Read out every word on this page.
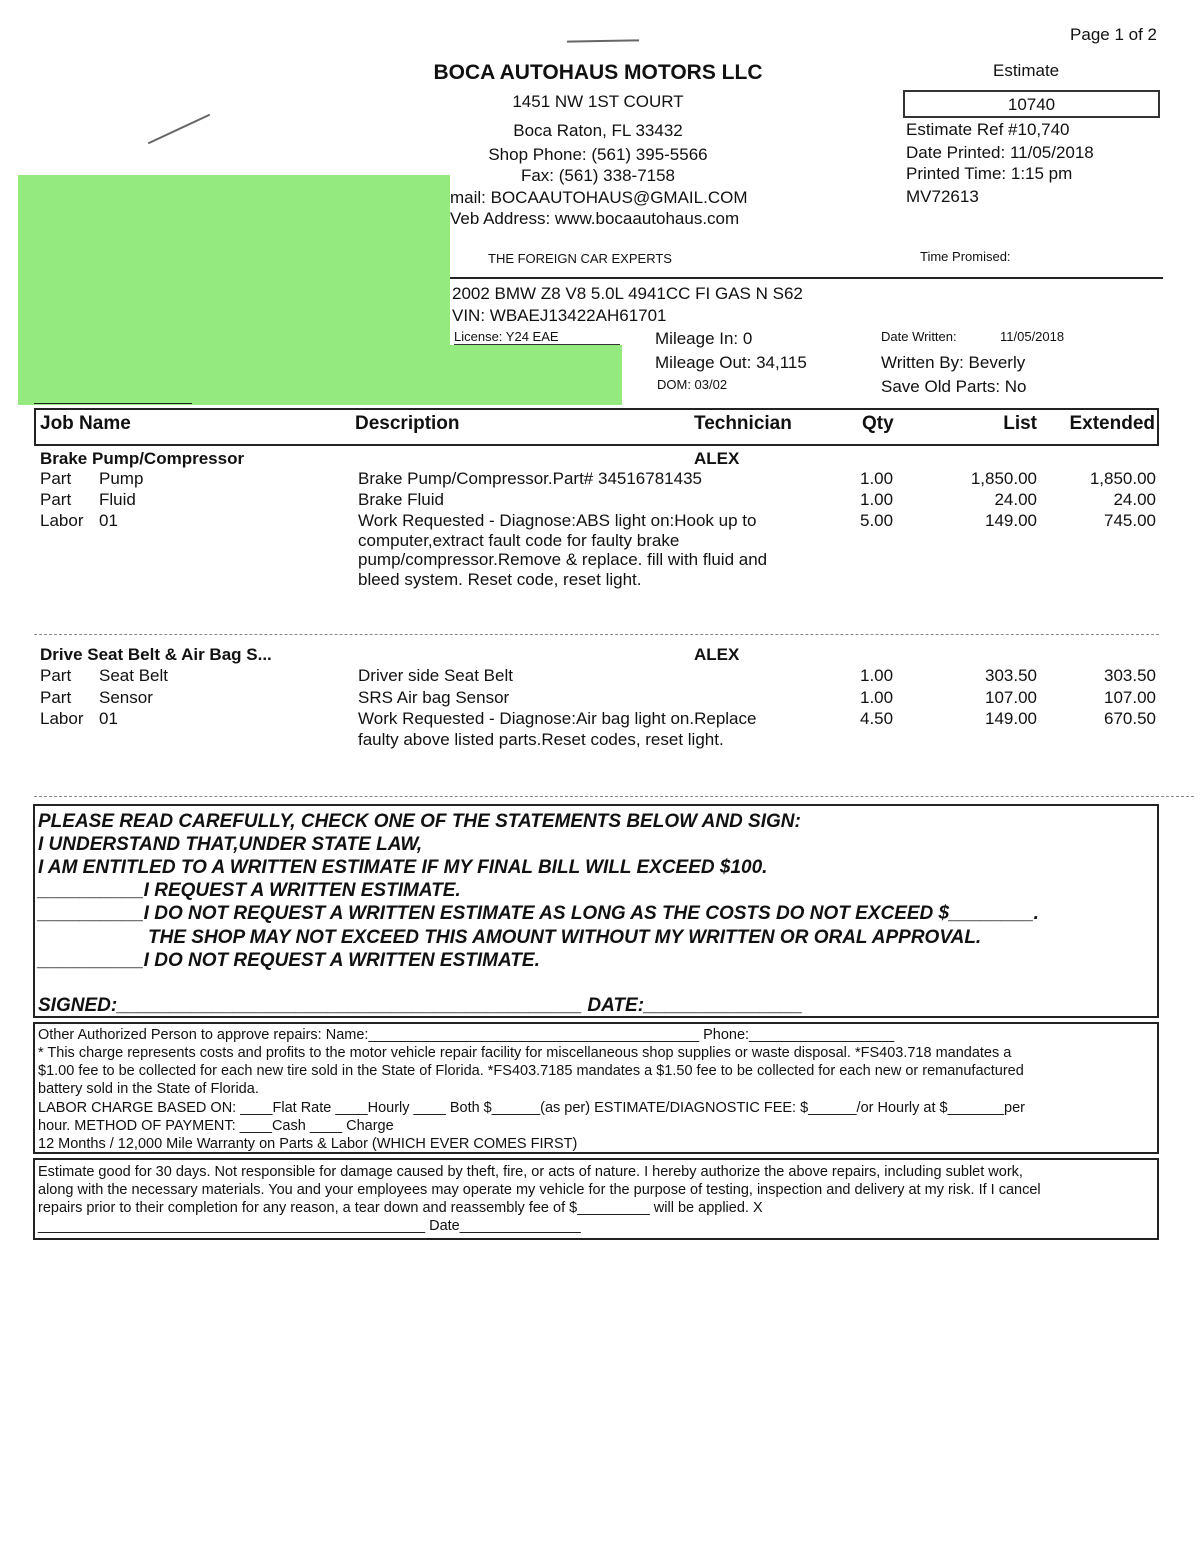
Page 1 of 2
BOCA AUTOHAUS MOTORS LLC
1451 NW 1ST COURT
Boca Raton, FL 33432
Shop Phone: (561) 395-5566
Fax: (561) 338-7158
mail: BOCAAUTOHAUS@GMAIL.COM
Veb Address: www.bocaautohaus.com
THE FOREIGN CAR EXPERTS
Estimate
10740
Estimate Ref #10,740
Date Printed: 11/05/2018
Printed Time: 1:15 pm
MV72613
Time Promised:
2002 BMW Z8 V8 5.0L 4941CC FI GAS N S62
VIN: WBAEJ13422AH61701
License: Y24 EAE	Mileage In: 0
Mileage Out: 34,115
DOM: 03/02
Date Written:	11/05/2018
Written By: Beverly
Save Old Parts: No
Job Name	Description	Technician	Qty	List	Extended
Brake Pump/Compressor	ALEX
Part Pump	Brake Pump/Compressor.Part# 34516781435	1.00	1,850.00	1,850.00
Part Fluid	Brake Fluid	1.00	24.00	24.00
Labor 01	Work Requested - Diagnose:ABS light on:Hook up to
computer,extract fault code for faulty brake
pump/compressor.Remove & replace. fill with fluid and
bleed system. Reset code, reset light.
5.00	149.00	745.00
Drive Seat Belt & Air Bag S...	ALEX
Part Seat Belt	Driver side Seat Belt	1.00	303.50	303.50
Part Sensor	SRS Air bag Sensor	1.00	107.00	107.00
Labor 01	Work Requested - Diagnose:Air bag light on.Replace
faulty above listed parts.Reset codes, reset light.
4.50	149.00	670.50
PLEASE READ CAREFULLY, CHECK ONE OF THE STATEMENTS BELOW AND SIGN:
I UNDERSTAND THAT,UNDER STATE LAW,
I AM ENTITLED TO A WRITTEN ESTIMATE IF MY FINAL BILL WILL EXCEED $100.
__________I REQUEST A WRITTEN ESTIMATE.
__________I DO NOT REQUEST A WRITTEN ESTIMATE AS LONG AS THE COSTS DO NOT EXCEED $________.
THE SHOP MAY NOT EXCEED THIS AMOUNT WITHOUT MY WRITTEN OR ORAL APPROVAL.
__________I DO NOT REQUEST A WRITTEN ESTIMATE.
SIGNED:____________________________________________ DATE:_______________
Other Authorized Person to approve repairs: Name:_________________________________________ Phone:__________________
* This charge represents costs and profits to the motor vehicle repair facility for miscellaneous shop supplies or waste disposal. *FS403.718 mandates a
$1.00 fee to be collected for each new tire sold in the State of Florida. *FS403.7185 mandates a $1.50 fee to be collected for each new or remanufactured
battery sold in the State of Florida.
LABOR CHARGE BASED ON: ____Flat Rate ____Hourly ____ Both $______(as per) ESTIMATE/DIAGNOSTIC FEE: $______/or Hourly at $_______per
hour. METHOD OF PAYMENT: ____Cash ____ Charge
12 Months / 12,000 Mile Warranty on Parts & Labor (WHICH EVER COMES FIRST)
Estimate good for 30 days. Not responsible for damage caused by theft, fire, or acts of nature. I hereby authorize the above repairs, including sublet work,
along with the necessary materials. You and your employees may operate my vehicle for the purpose of testing, inspection and delivery at my risk. If I cancel
repairs prior to their completion for any reason, a tear down and reassembly fee of $_________ will be applied. X
________________________________________________ Date_______________
